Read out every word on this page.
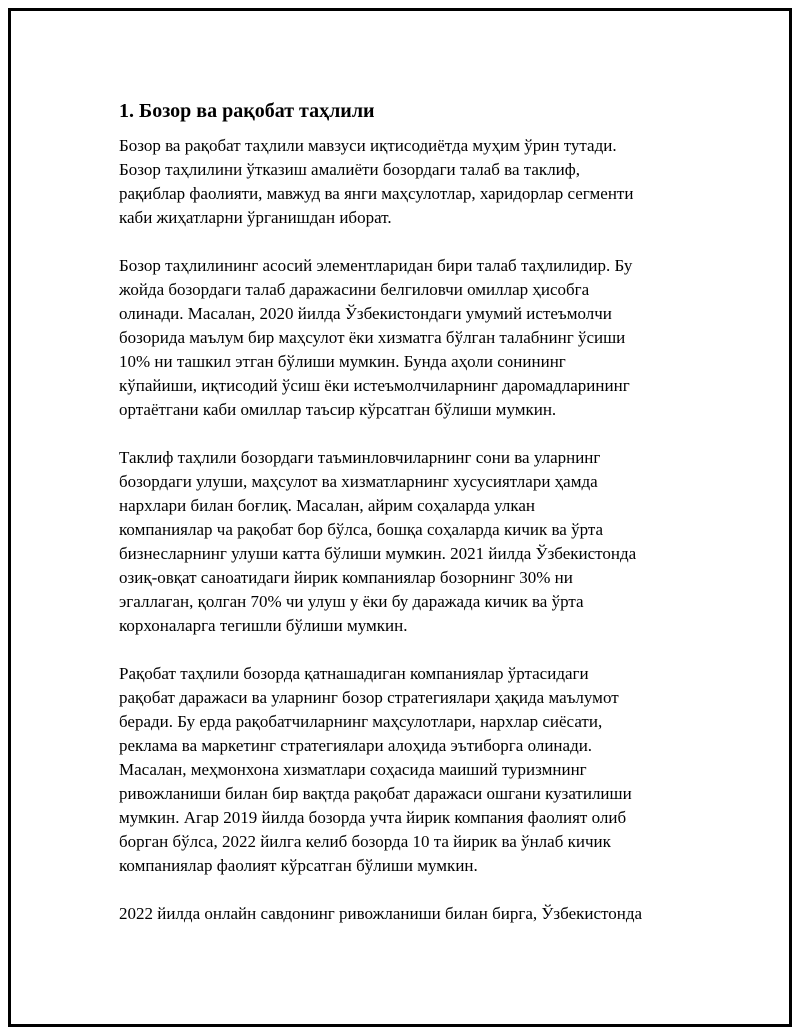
1. Бозор ва рақобат таҳлили

Бозор ва рақобат таҳлили мавзуси иқтисодиётда муҳим ўрин тутади.
Бозор таҳлилини ўтказиш амалиёти бозордаги талаб ва таклиф,
рақиблар фаолияти, мавжуд ва янги маҳсулотлар, харидорлар сегменти
каби жиҳатларни ўрганишдан иборат.

Бозор таҳлилининг асосий элементларидан бири талаб таҳлилидир. Бу
жойда бозордаги талаб даражасини белгиловчи омиллар ҳисобга
олинади. Масалан, 2020 йилда Ўзбекистондаги умумий истеъмолчи
бозорида маълум бир маҳсулот ёки хизматга бўлган талабнинг ўсиши
10% ни ташкил этган бўлиши мумкин. Бунда аҳоли сонининг
кўпайиши, иқтисодий ўсиш ёки истеъмолчиларнинг даромадларининг
ортаётгани каби омиллар таъсир кўрсатган бўлиши мумкин.

Таклиф таҳлили бозордаги таъминловчиларнинг сони ва уларнинг
бозордаги улуши, маҳсулот ва хизматларнинг хусусиятлари ҳамда
нархлари билан боғлиқ. Масалан, айрим соҳаларда улкан
компаниялар ча рақобат бор бўлса, бошқа соҳаларда кичик ва ўрта
бизнесларнинг улуши катта бўлиши мумкин. 2021 йилда Ўзбекистонда
озиқ-овқат саноатидаги йирик компаниялар бозорнинг 30% ни
эгаллаган, қолган 70% чи улуш у ёки бу даражада кичик ва ўрта
корхоналарга тегишли бўлиши мумкин.

Рақобат таҳлили бозорда қатнашадиган компаниялар ўртасидаги
рақобат даражаси ва уларнинг бозор стратегиялари ҳақида маълумот
беради. Бу ерда рақобатчиларнинг маҳсулотлари, нархлар сиёсати,
реклама ва маркетинг стратегиялари алоҳида эътиборга олинади.
Масалан, меҳмонхона хизматлари соҳасида маиший туризмнинг
ривожланиши билан бир вақтда рақобат даражаси ошгани кузатилиши
мумкин. Агар 2019 йилда бозорда учта йирик компания фаолият олиб
борган бўлса, 2022 йилга келиб бозорда 10 та йирик ва ўнлаб кичик
компаниялар фаолият кўрсатган бўлиши мумкин.

2022 йилда онлайн савдонинг ривожланиши билан бирга, Ўзбекистонда
